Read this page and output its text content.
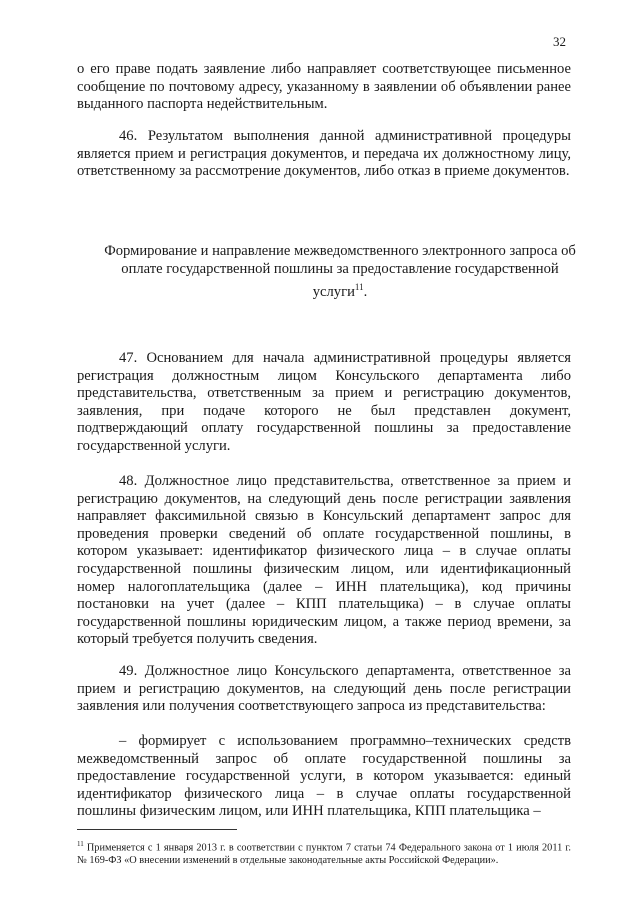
32

о его праве подать заявление либо направляет соответствующее письменное сообщение по почтовому адресу, указанному в заявлении об объявлении ранее выданного паспорта недействительным.

46. Результатом выполнения данной административной процедуры является прием и регистрация документов, и передача их должностному лицу, ответственному за рассмотрение документов, либо отказ в приеме документов.

Формирование и направление межведомственного электронного запроса об оплате государственной пошлины за предоставление государственной услуги$^{11}$.

47. Основанием для начала административной процедуры является регистрация должностным лицом Консульского департамента либо представительства, ответственным за прием и регистрацию документов, заявления, при подаче которого не был представлен документ, подтверждающий оплату государственной пошлины за предоставление государственной услуги.

48. Должностное лицо представительства, ответственное за прием и регистрацию документов, на следующий день после регистрации заявления направляет факсимильной связью в Консульский департамент запрос для проведения проверки сведений об оплате государственной пошлины, в котором указывает: идентификатор физического лица – в случае оплаты государственной пошлины физическим лицом, или идентификационный номер налогоплательщика (далее – ИНН плательщика), код причины постановки на учет (далее – КПП плательщика) – в случае оплаты государственной пошлины юридическим лицом, а также период времени, за который требуется получить сведения.

49. Должностное лицо Консульского департамента, ответственное за прием и регистрацию документов, на следующий день после регистрации заявления или получения соответствующего запроса из представительства:

– формирует с использованием программно–технических средств межведомственный запрос об оплате государственной пошлины за предоставление государственной услуги, в котором указывается: единый идентификатор физического лица – в случае оплаты государственной пошлины физическим лицом, или ИНН плательщика, КПП плательщика –

$^{11}$ Применяется с 1 января 2013 г. в соответствии с пунктом 7 статьи 74 Федерального закона от 1 июля 2011 г. № 169-ФЗ «О внесении изменений в отдельные законодательные акты Российской Федерации».
